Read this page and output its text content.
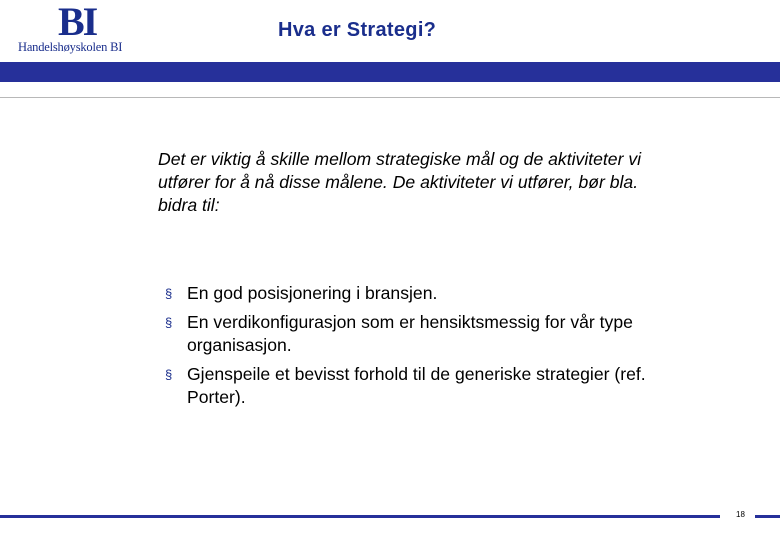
BI
Handelshøyskolen BI
Hva er Strategi?

Det er viktig å skille mellom strategiske mål og de aktiviteter vi utfører for å nå disse målene. De aktiviteter vi utfører, bør bla. bidra til:

§ En god posisjonering i bransjen.
§ En verdikonfigurasjon som er hensiktsmessig for vår type organisasjon.
§ Gjenspeile et bevisst forhold til de generiske strategier (ref. Porter).
18
